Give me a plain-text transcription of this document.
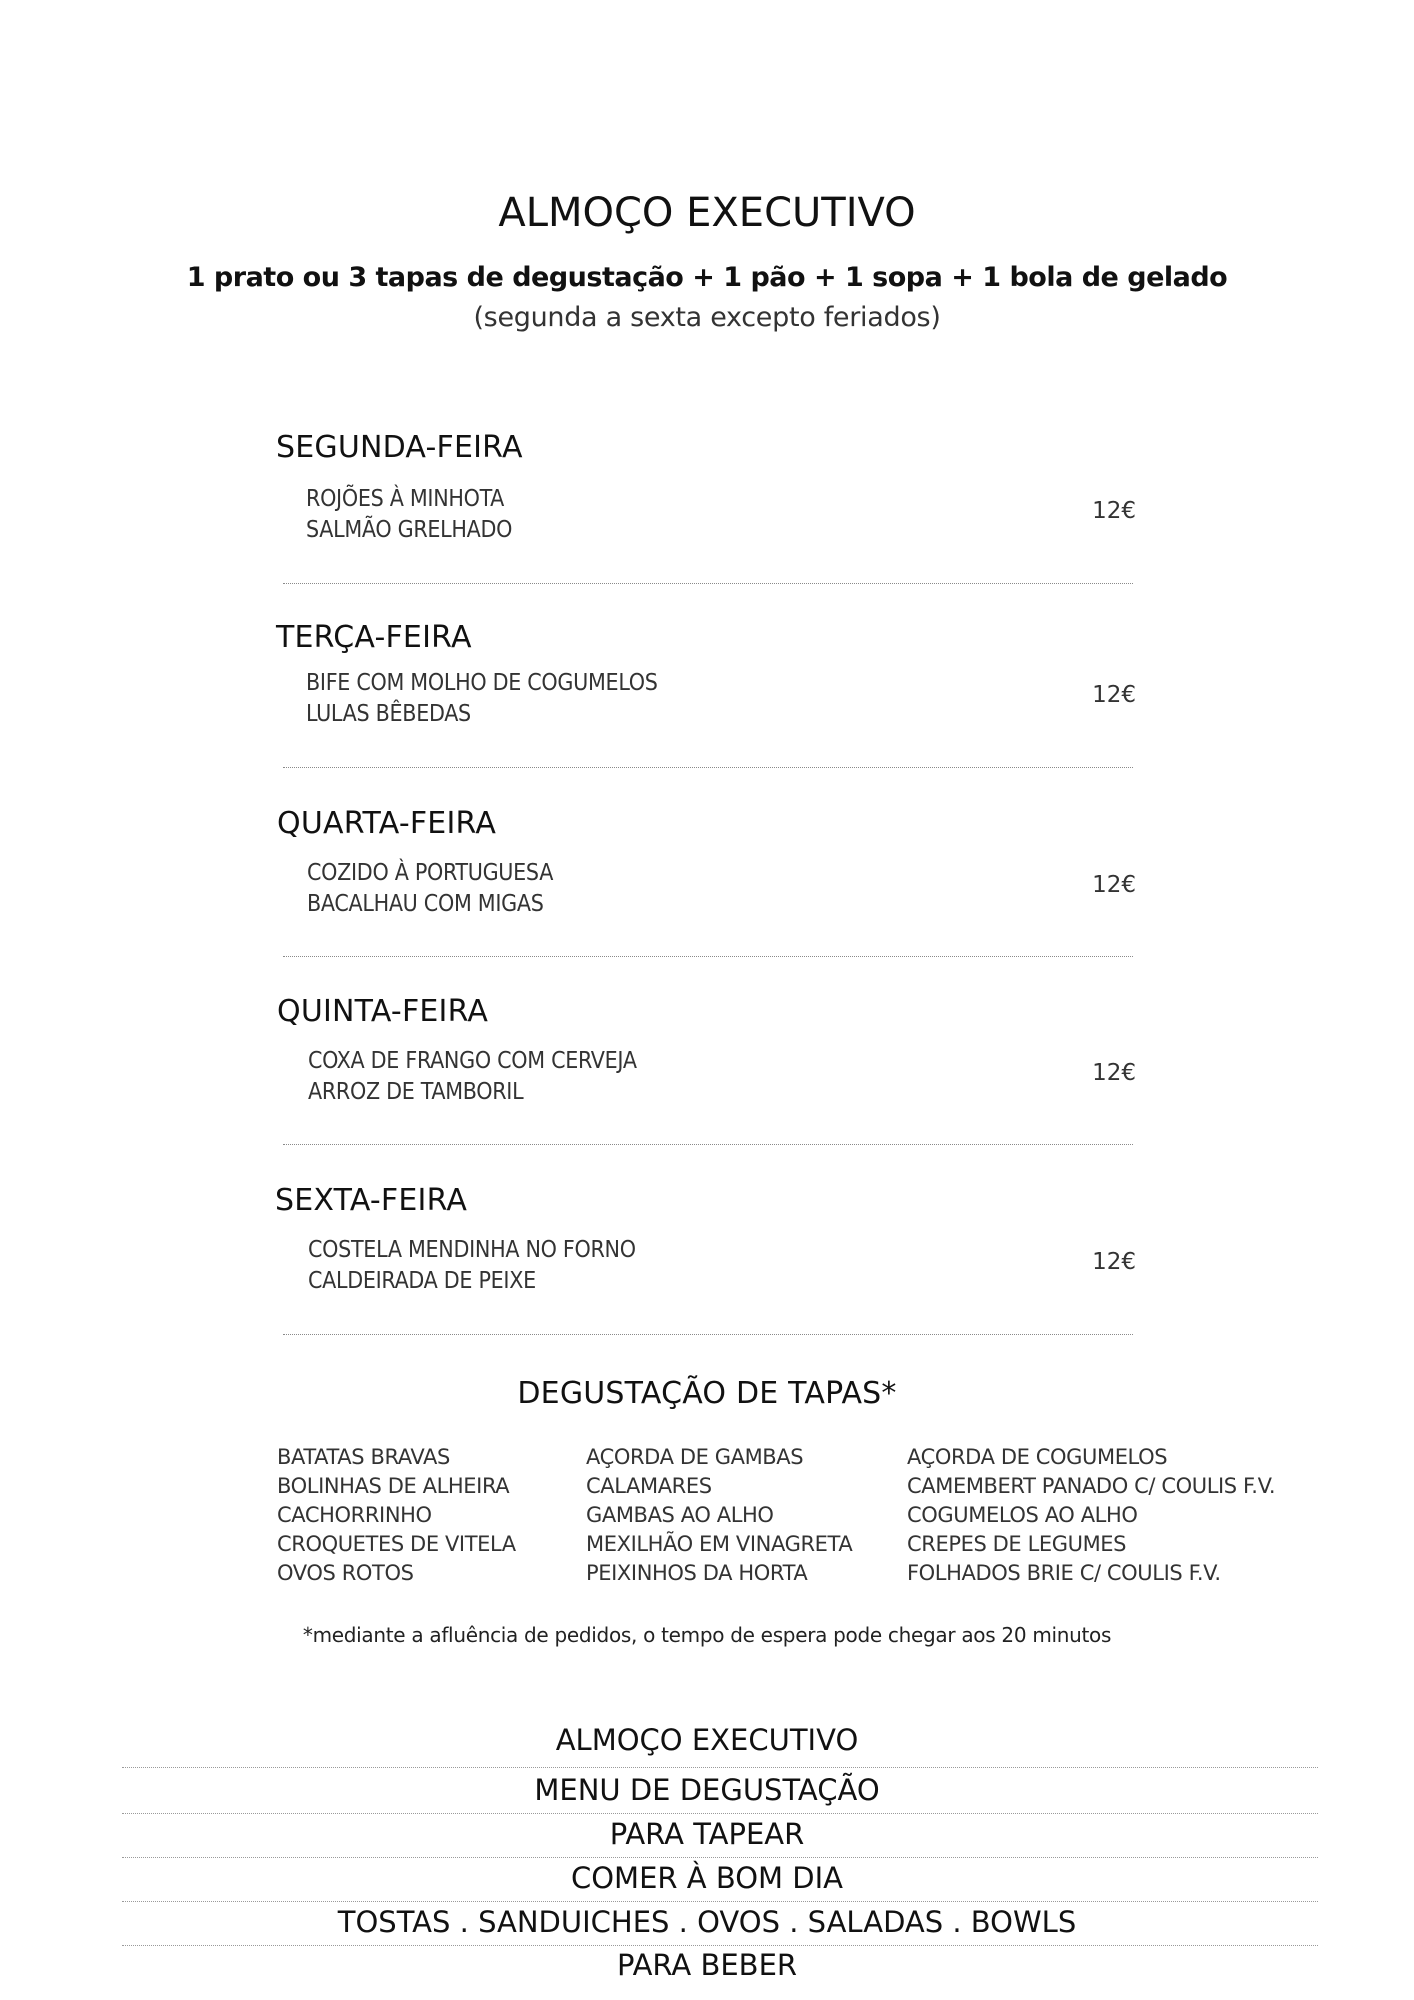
ALMOÇO EXECUTIVO
1 prato ou 3 tapas de degustação + 1 pão + 1 sopa + 1 bola de gelado
(segunda a sexta excepto feriados)
SEGUNDA-FEIRA
ROJÕES À MINHOTA
SALMÃO GRELHADO
12€
TERÇA-FEIRA
BIFE COM MOLHO DE COGUMELOS
LULAS BÊBEDAS
12€
QUARTA-FEIRA
COZIDO À PORTUGUESA
BACALHAU COM MIGAS
12€
QUINTA-FEIRA
COXA DE FRANGO COM CERVEJA
ARROZ DE TAMBORIL
12€
SEXTA-FEIRA
COSTELA MENDINHA NO FORNO
CALDEIRADA DE PEIXE
12€
DEGUSTAÇÃO DE TAPAS*
BATATAS BRAVAS
BOLINHAS DE ALHEIRA
CACHORRINHO
CROQUETES DE VITELA
OVOS ROTOS
AÇORDA DE GAMBAS
CALAMARES
GAMBAS AO ALHO
MEXILHÃO EM VINAGRETA
PEIXINHOS DA HORTA
AÇORDA DE COGUMELOS
CAMEMBERT PANADO C/ COULIS F.V.
COGUMELOS AO ALHO
CREPES DE LEGUMES
FOLHADOS BRIE C/ COULIS F.V.
*mediante a afluência de pedidos, o tempo de espera pode chegar aos 20 minutos
ALMOÇO EXECUTIVO
MENU DE DEGUSTAÇÃO
PARA TAPEAR
COMER À BOM DIA
TOSTAS . SANDUICHES . OVOS . SALADAS . BOWLS
PARA BEBER
